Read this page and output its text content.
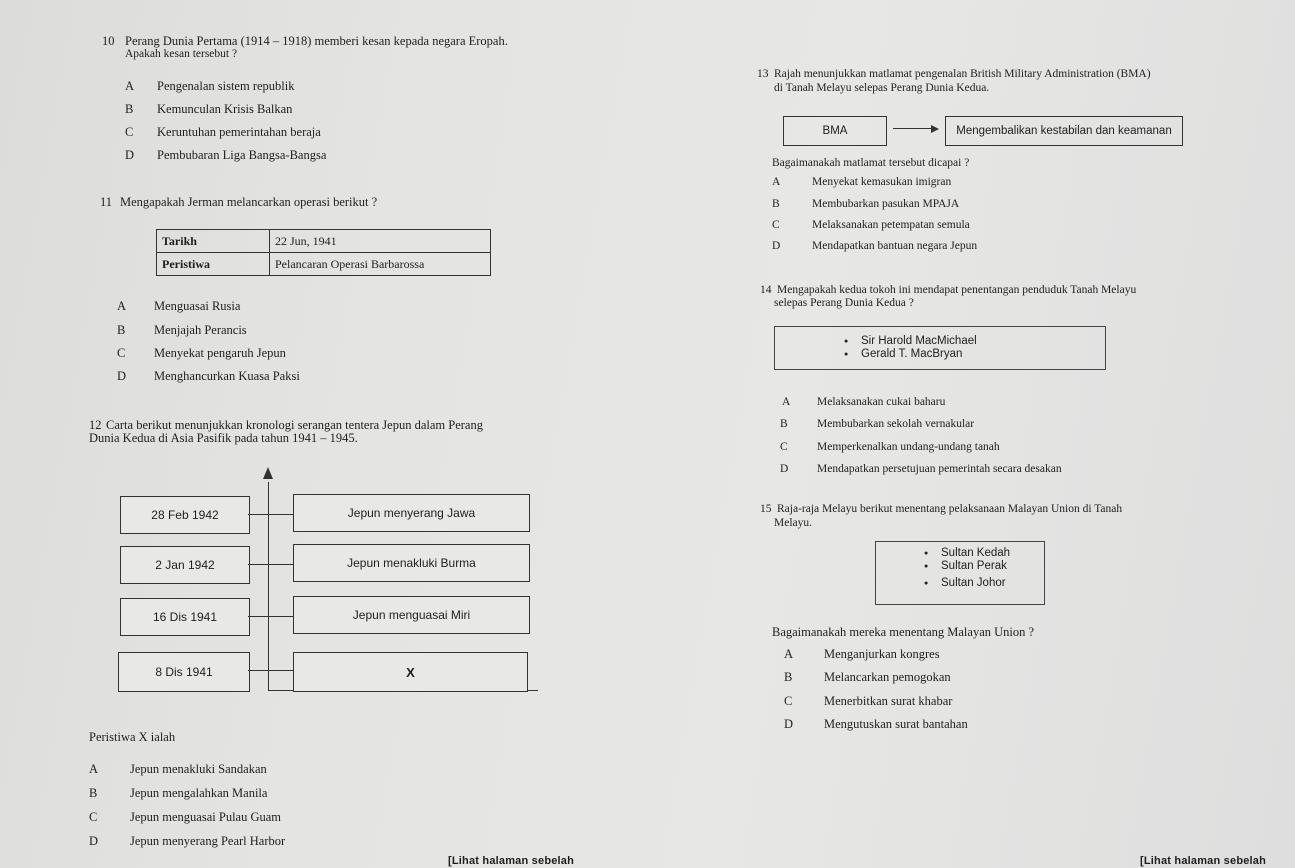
10 Perang Dunia Pertama (1914 – 1918) memberi kesan kepada negara Eropah.
Apakah kesan tersebut ?
A Pengenalan sistem republik
B Kemunculan Krisis Balkan
C Keruntuhan pemerintahan beraja
D Pembubaran Liga Bangsa-Bangsa
11 Mengapakah Jerman melancarkan operasi berikut ?
Tarikh	22 Jun, 1941
Peristiwa	Pelancaran Operasi Barbarossa
A Menguasai Rusia
B Menjajah Perancis
C Menyekat pengaruh Jepun
D Menghancurkan Kuasa Paksi
12 Carta berikut menunjukkan kronologi serangan tentera Jepun dalam Perang
Dunia Kedua di Asia Pasifik pada tahun 1941 – 1945.
28 Feb 1942	Jepun menyerang Jawa
2 Jan 1942	Jepun menakluki Burma
16 Dis 1941	Jepun menguasai Miri
8 Dis 1941	X
Peristiwa X ialah
A	Jepun menakluki Sandakan
B	Jepun mengalahkan Manila
C	Jepun menguasai Pulau Guam
D	Jepun menyerang Pearl Harbor
[Lihat halaman sebelah
13 Rajah menunjukkan matlamat pengenalan British Military Administration (BMA)
di Tanah Melayu selepas Perang Dunia Kedua.
BMA	Mengembalikan kestabilan dan keamanan
Bagaimanakah matlamat tersebut dicapai ?
A	Menyekat kemasukan imigran
B	Membubarkan pasukan MPAJA
C	Melaksanakan petempatan semula
D	Mendapatkan bantuan negara Jepun
14 Mengapakah kedua tokoh ini mendapat penentangan penduduk Tanah Melayu
selepas Perang Dunia Kedua ?
● Sir Harold MacMichael
● Gerald T. MacBryan
A Melaksanakan cukai baharu
B	Membubarkan sekolah vernakular
C	Memperkenalkan undang-undang tanah
D Mendapatkan persetujuan pemerintah secara desakan
15 Raja-raja Melayu berikut menentang pelaksanaan Malayan Union di Tanah
Melayu.
● Sultan Kedah
● Sultan Perak
● Sultan Johor
Bagaimanakah mereka menentang Malayan Union ?
A Menganjurkan kongres
B	Melancarkan pemogokan
C	Menerbitkan surat khabar
D Mengutuskan surat bantahan
[Lihat halaman sebelah
